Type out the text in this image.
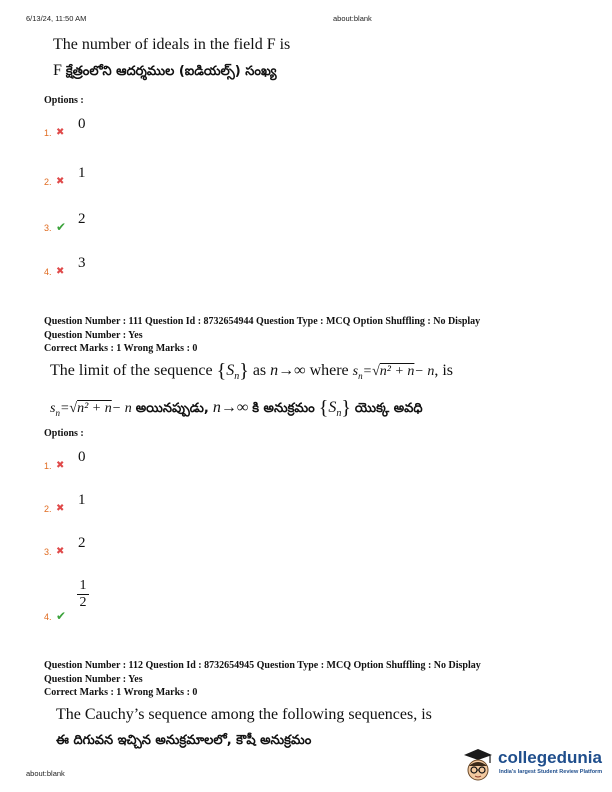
6/13/24, 11:50 AM	about:blank
The number of ideals in the field F is
F క్షేత్రంలోని ఆదర్శముల (ఐడియల్స్) సంఖ్య
Options :
1. ✖
0
2. ✖
1
3. ✔ 2
4. ✖
3
Question Number : 111 Question Id : 8732654944 Question Type : MCQ Option Shuffling : No Display
Question Number : Yes
Correct Marks : 1 Wrong Marks : 0
The limit of the sequence $\{S_n\}$ as n→∞ where $s_n=√n^2 + n- n$, is
$s_n=√n^2 + n- n$ అయినప్పుడు, n→∞ కి అనుక్రమం $\{S_n\}$ యొక్క అవధి
Options :
1. ✖
0
2. ✖
1
3. ✖
2
4. ✔
$\frac{1}{2}$
Question Number : 112 Question Id : 8732654945 Question Type : MCQ Option Shuffling : No Display
Question Number : Yes
Correct Marks : 1 Wrong Marks : 0
The Cauchy’s sequence among the following sequences, is
ఈ దిగువన ఇచ్చిన అనుక్రమాలలో, కౌషీ అనుక్రమం
about:blank
collegedunia
India's largest Student Review Platform
